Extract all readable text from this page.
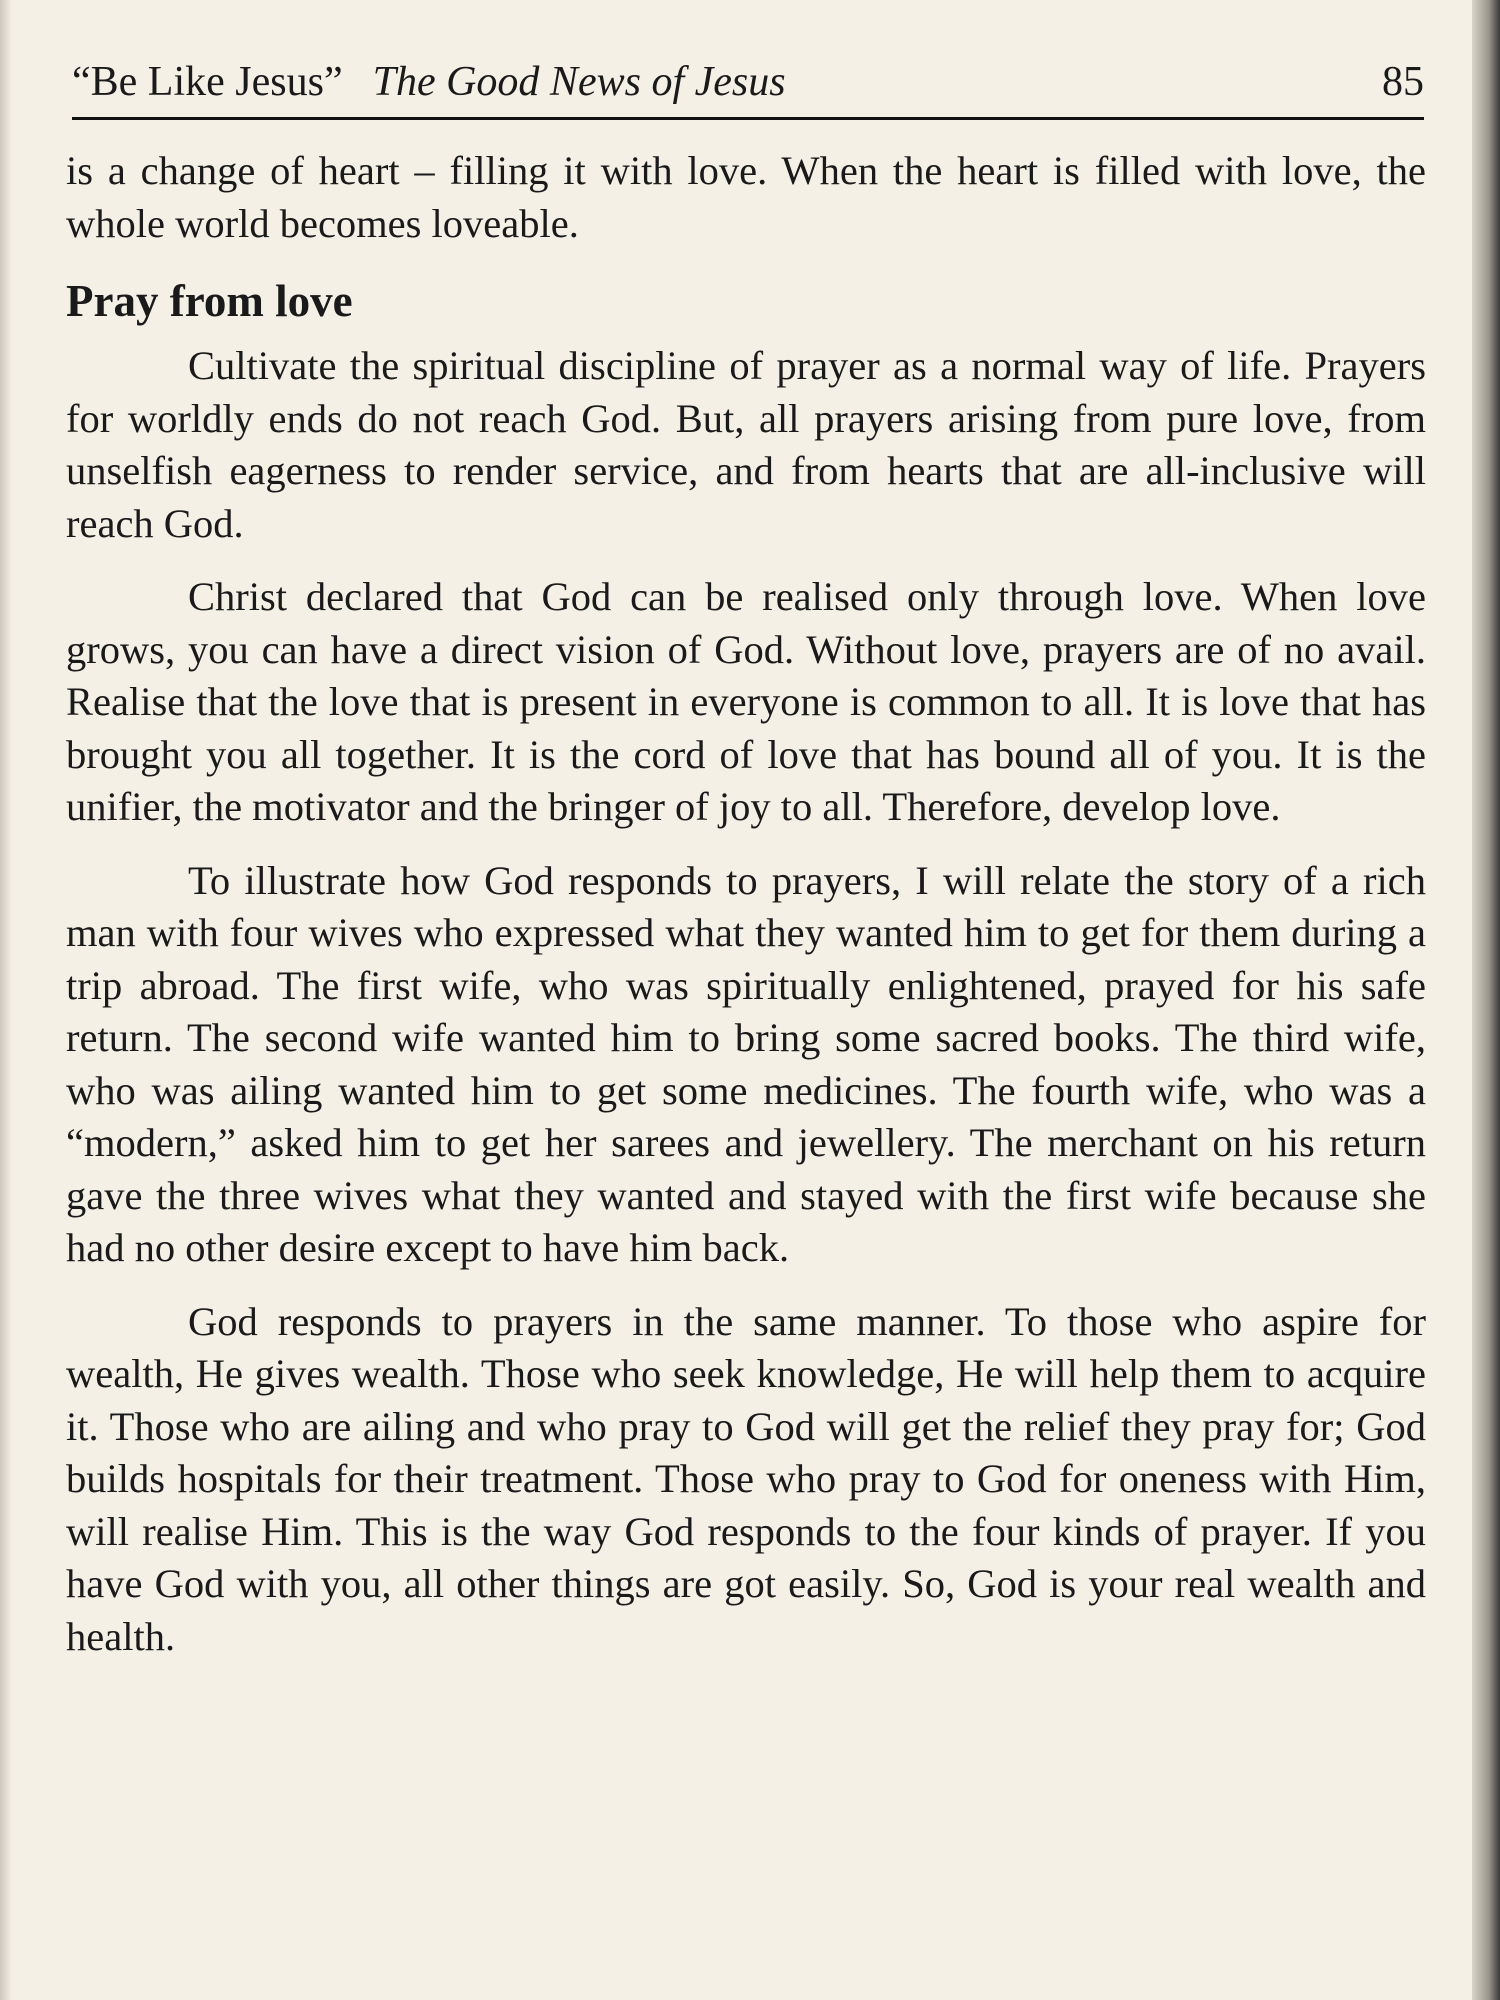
“Be Like Jesus” The Good News of Jesus	85

is a change of heart – filling it with love. When the heart is filled with love, the whole world becomes loveable.

Pray from love

Cultivate the spiritual discipline of prayer as a normal way of life. Prayers for worldly ends do not reach God. But, all prayers arising from pure love, from unselfish eagerness to render service, and from hearts that are all-inclusive will reach God.

Christ declared that God can be realised only through love. When love grows, you can have a direct vision of God. Without love, prayers are of no avail. Realise that the love that is present in everyone is common to all. It is love that has brought you all together. It is the cord of love that has bound all of you. It is the unifier, the motivator and the bringer of joy to all. Therefore, develop love.

To illustrate how God responds to prayers, I will relate the story of a rich man with four wives who expressed what they wanted him to get for them during a trip abroad. The first wife, who was spiritually enlightened, prayed for his safe return. The second wife wanted him to bring some sacred books. The third wife, who was ailing wanted him to get some medicines. The fourth wife, who was a “modern,” asked him to get her sarees and jewellery. The merchant on his return gave the three wives what they wanted and stayed with the first wife because she had no other desire except to have him back.

God responds to prayers in the same manner. To those who aspire for wealth, He gives wealth. Those who seek knowledge, He will help them to acquire it. Those who are ailing and who pray to God will get the relief they pray for; God builds hospitals for their treatment. Those who pray to God for oneness with Him, will realise Him. This is the way God responds to the four kinds of prayer. If you have God with you, all other things are got easily. So, God is your real wealth and health.
